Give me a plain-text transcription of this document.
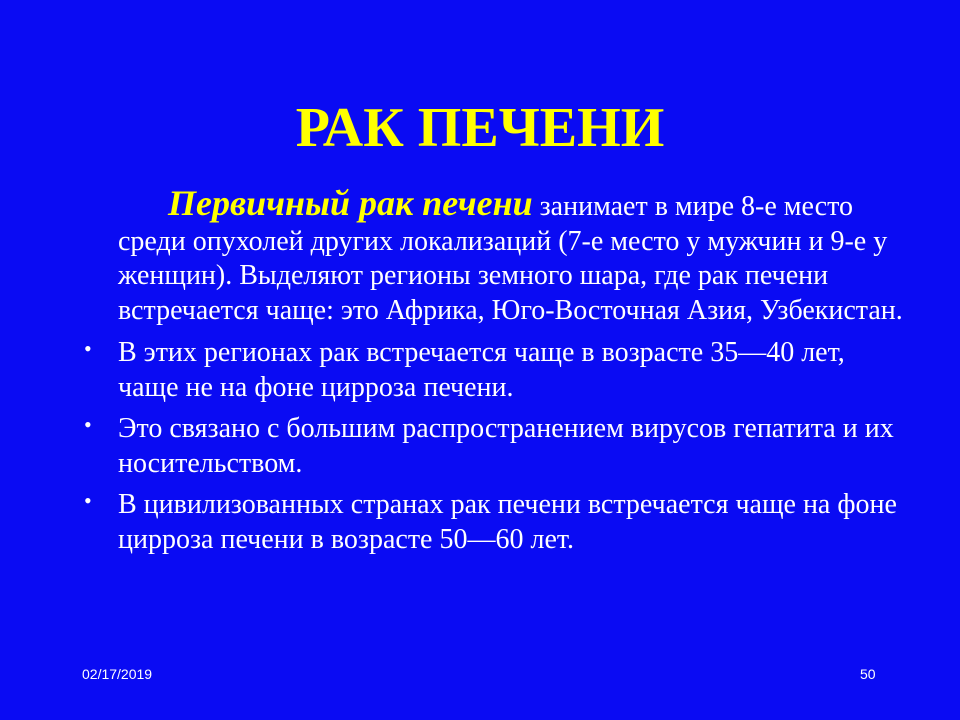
РАК ПЕЧЕНИ

Первичный рак печени занимает в мире 8-е место среди опухолей других локализаций (7-е место у мужчин и 9-е у женщин). Выделяют регионы земного шара, где рак печени встречается чаще: это Африка, Юго-Восточная Азия, Узбекистан.

• В этих регионах рак встречается чаще в возрасте 35—40 лет, чаще не на фоне цирроза печени.
• Это связано с большим распространением вирусов гепатита и их носительством.
• В цивилизованных странах рак печени встречается чаще на фоне цирроза печени в возрасте 50—60 лет.
02/17/2019	50
